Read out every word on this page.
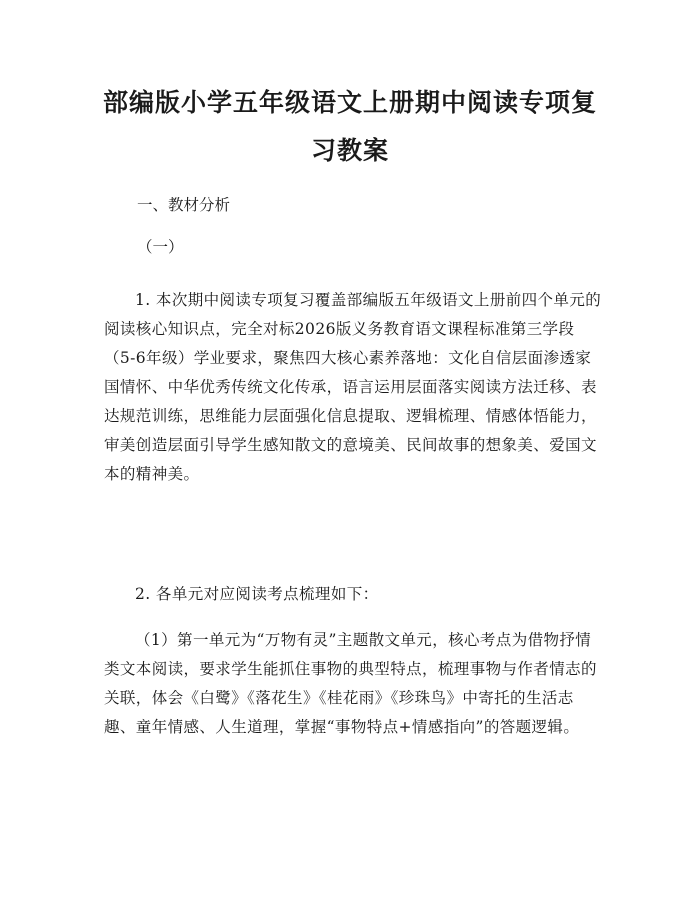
部编版小学五年级语文上册期中阅读专项复
习教案
一、教材分析
（一）

1. 本次期中阅读专项复习覆盖部编版五年级语文上册前四个单元的阅读核心知识点，完全对标2026版义务教育语文课程标准第三学段（5-6年级）学业要求，聚焦四大核心素养落地：文化自信层面渗透家国情怀、中华优秀传统文化传承，语言运用层面落实阅读方法迁移、表达规范训练，思维能力层面强化信息提取、逻辑梳理、情感体悟能力，审美创造层面引导学生感知散文的意境美、民间故事的想象美、爱国文本的精神美。

2. 各单元对应阅读考点梳理如下：

（1）第一单元为“万物有灵”主题散文单元，核心考点为借物抒情类文本阅读，要求学生能抓住事物的典型特点，梳理事物与作者情志的关联，体会《白鹭》《落花生》《桂花雨》《珍珠鸟》中寄托的生活志趣、童年情感、人生道理，掌握“事物特点+情感指向”的答题逻辑。
